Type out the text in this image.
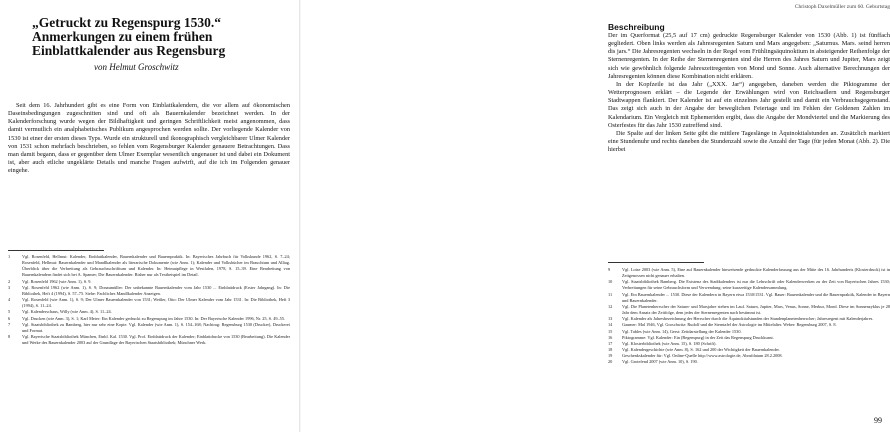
„Getruckt zu Regenspurg 1530.“ Anmerkungen zu einem frühen Einblattkalender aus Regensburg
von Helmut Groschwitz

Seit dem 16. Jahrhundert gibt es eine Form von Einblattkalendern, die vor allem auf ökonomischen Daseinsbedingungen zugeschnitten sind und oft als Bauernkalender bezeichnet werden. In der Kalenderforschung wurde wegen der Bildhaftigkeit und geringen Schriftlichkeit meist angenommen, dass damit vermutlich ein analphabetisches Publikum angesprochen werden sollte. Der vorliegende Kalender von 1530 ist einer der ersten dieses Typs. Wurde ein strukturell und ikonographisch vergleichbarer Ulmer Kalender von 1531 schon mehrfach beschrieben, so fehlen vom Regensburger Kalender genauere Betrachtungen. Dass man damit begann, dass er gegenüber dem Ulmer Exemplar wesentlich ungenauer ist und dabei ein Dokument ist, aber auch etliche ungeklärte Details und manche Fragen aufwirft, auf die ich im Folgenden genauer eingehe.

1	Vgl. Rosenfeld, Hellmut: Kalender, Einblattkalender, Bauernkalender und Bauernpraktik. In: Bayerisches Jahrbuch für Volkskunde 1962, S. 7–24; Rosenfeld, Hellmut: Bauernkalender und Mandlkalender als literarische Dokumente (wie Anm. 1); Kalender und Volksbücher im Brauchtum und Alltag. Überblick über die Verbreitung als Gebrauchsschrifttum und Kalender. In: Heimatpflege in Westfalen, 1978, S. 15–39. Eine Bearbeitung von Bauernkalendern findet sich bei A. Spamer; Die Bauernkalender. Bisher nur als Textbeispiel im Detail.
2	Vgl. Rosenfeld 1962 (wie Anm. 1), S. 9.
3	Vgl. Rosenfeld 1962 (wie Anm. 1), S. 9; Donaumüller: Der unbekannte Bauernkalender vom Jahr 1530 ... Einblattdruck (Erster Jahrgang). In: Die Bibliothek, Heft 4 (1994), S. 57–75. Siehe: Fachliches Mandlkalender Anzeigen.
4	Vgl. Rosenfeld (wie Anm. 1), S. 9; Der Ulmer Bauernkalender von 1531; Weißer, Otto: Der Ulmer Kalender vom Jahr 1531. In: Die Bibliothek, Heft 3 (1994), S. 11–24.
5	Vgl. Kalenderschaus, Willy (wie Anm. 4), S. 11–24.
6	Vgl. Drucken (wie Anm. 3), S. 1; Karl Meier: Ein Kalender gedruckt zu Regenspurg im Jahre 1530. In: Der Bayerische Kalender 1996, Nr. 25, S. 49–55.
7	Vgl. Staatsbibliothek zu Bamberg, hier nur sehr eine Kopie. Vgl. Kalender (wie Anm. 1), S. 154–168; Nachtrag: Regensburg 1530 (Drucker), Druckerei und Format.
8	Vgl. Bayerische Staatsbibliothek München, Einbl. Kal. 1530. Vgl. Prof. Einblattdruck der Kalender; Einblattdrucke von 1530 (Bearbeitung). Die Kalender und Werke des Bauernkalender 2003 auf der Grundlage der Bayerischen Staatsbibliothek; Münchner Werk.
Christoph Daxelmüller zum 60. Geburtstag
Beschreibung

Der im Querformat (25,5 auf 17 cm) gedruckte Regensburger Kalender von 1530 (Abb. 1) ist fünffach gegliedert. Oben links werden als Jahresregenten Saturn und Mars angegeben: „Saturnus. Mars. seind herren dis jars.“ Die Jahresregenten wechseln in der Regel vom Frühlingsäquinoktium in absteigender Reihenfolge der Sternenregenten. In der Reihe der Sternenregenten sind die Herren des Jahres Saturn und Jupiter, Mars zeigt sich wie gewöhnlich folgende Jahreszeitregenten von Mond und Sonne. Auch alternative Berechnungen der Jahresregenten können diese Kombination nicht erklären.

In der Kopfzeile ist das Jahr („XXX. Jar“) angegeben, daneben werden die Piktogramme der Wetterprognosen erklärt – die Legende der Erwählungen wird von Reichsadlern und Regensburger Stadtwappen flankiert. Der Kalender ist auf ein einzelnes Jahr gestellt und damit ein Verbrauchsgegenstand. Das zeigt sich auch in der Angabe der beweglichen Feiertage und im Fehlen der Goldenen Zahlen im Kalendarium. Ein Vergleich mit Ephemeriden ergibt, dass die Angabe der Mondviertel und die Markierung des Osterfestes für das Jahr 1530 zutreffend sind.

Die Spalte auf der linken Seite gibt die mittlere Tageslänge in Äquinoktialstunden an. Zusätzlich markiert eine Stundenuhr und rechts daneben die Stundenzahl sowie die Anzahl der Tage (für jeden Monat (Abb. 2). Die hierbei

9	Vgl. Lotse 2003 (wie Anm. 5), Eine auf Bauernkalender hinweisende gedruckte Kalenderfassung aus der Mitte des 16. Jahrhunderts (Klosterdruck) ist in Zeitgenossen nicht genauer erhalten.
10	Vgl. Staatsbibliothek Bamberg. Die Existenz des Stadtkalenders ist nur die Lehrschrift oder Kalenderwerken zu der Zeit von Bayerischen Jahres 1530; Verbreitungen für seine Gebrauchsform und Verwendung; seine kurzzeitige Kalendersammlung.
11	Vgl. Ein Bauernkalender ... 1530. Diese der Kalendern in Bayern etwa 1530/1531. Vgl. Bauer: Bauernkalender und die Bauernpraktik, Kalender in Bayern und Bauernkalender.
12	Vgl. Die Planetenherrscher der Saturn- und Marsjahre stehen im Lauf. Saturn, Jupiter, Mars, Venus, Sonne, Merkur, Mond. Diese im Sonnenzyklus je 28 Jahr dem Ansatz der Zeitfolge, dem jedes der Sternenregenten nach bestimmt ist.
13	Vgl. Kalender als Jahresbezeichnung der Herrscher durch die Äquinoktialstunden der Stundenplanetenherrscher; Jahresregent mit Kalenderjahres.
14	Gaumer: Mal 1946, Vgl. Groschwitz: Rudolf und die Sterntafel der Astrologie im Mittelalter. Weber: Regensburg 2007, S. 8.
15	Vgl. Tables (wie Anm. 14), Gerst: Zeitdarstellung der Kalender 1530.
16	Piktogramme: Vgl. Kalender: Ein (Regenspurg) in der Zeit das Regenspurg Druckkunst.
17	Vgl. Klosterbibliothek (wie Anm. 15), S. 180 (Schrift).
18	Vgl. Kalendergeschichte (wie Anm. 8), S. 162 und 200 der Wichtigkeit der Bauernkalender.
19	Geschenkskalender für: Vgl. Online-Quelle http://www.astrologie.de, Abrufdatum 28.2.2008.
20	Vgl. Grotefend 2007 (wie Anm. 10), S. 190.
99
